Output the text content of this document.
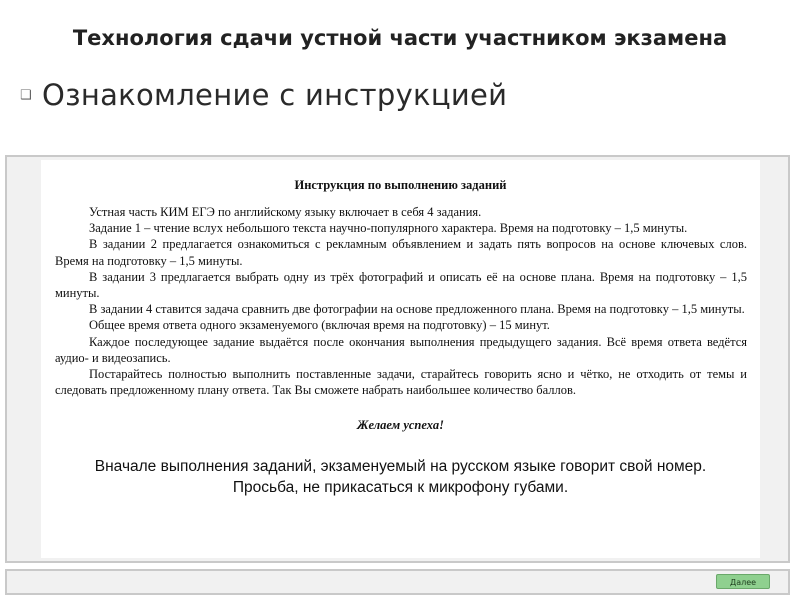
Технология сдачи устной части участником экзамена
❑ Ознакомление с инструкцией
Инструкция по выполнению заданий

Устная часть КИМ ЕГЭ по английскому языку включает в себя 4 задания.

Задание 1 – чтение вслух небольшого текста научно-популярного характера. Время на подготовку – 1,5 минуты.

В задании 2 предлагается ознакомиться с рекламным объявлением и задать пять вопросов на основе ключевых слов. Время на подготовку – 1,5 минуты.

В задании 3 предлагается выбрать одну из трёх фотографий и описать её на основе плана. Время на подготовку – 1,5 минуты.

В задании 4 ставится задача сравнить две фотографии на основе предложенного плана. Время на подготовку – 1,5 минуты.

Общее время ответа одного экзаменуемого (включая время на подготовку) – 15 минут.

Каждое последующее задание выдаётся после окончания выполнения предыдущего задания. Всё время ответа ведётся аудио- и видеозапись.

Постарайтесь полностью выполнить поставленные задачи, старайтесь говорить ясно и чётко, не отходить от темы и следовать предложенному плану ответа. Так Вы сможете набрать наибольшее количество баллов.

Желаем успеха!
Вначале выполнения заданий, экзаменуемый на русском языке говорит свой номер.
Просьба, не прикасаться к микрофону губами.
Далее
